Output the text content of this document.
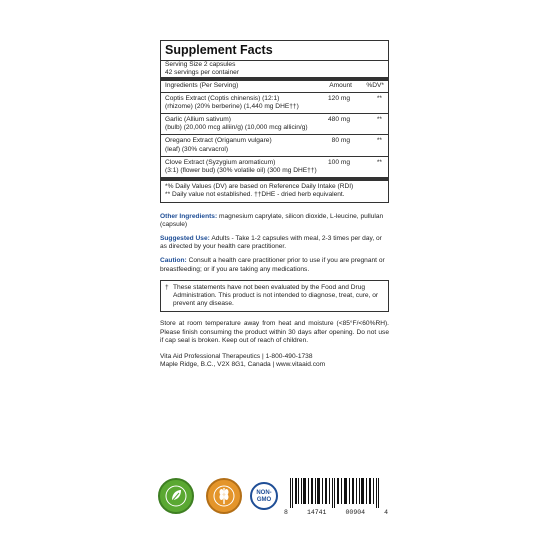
Supplement Facts
Serving Size 2 capsules
42 servings per container
Ingredients (Per Serving)	Amount	%DV*
Coptis Extract (Coptis chinensis) (12:1)
(rhizome) (20% berberine) (1,440 mg DHE††)
120 mg	**
Garlic (Allium sativum)
(bulb) (20,000 mcg alliin/g) (10,000 mcg allicin/g)
480 mg	**
Oregano Extract (Origanum vulgare)
(leaf) (30% carvacrol)
80 mg	**
Clove Extract (Syzygium aromaticum)
(3:1) (flower bud) (30% volatile oil) (300 mg DHE††)
100 mg	**
*% Daily Values (DV) are based on Reference Daily Intake (RDI)
** Daily value not established. ††DHE - dried herb equivalent.
Other Ingredients: magnesium caprylate, silicon dioxide, L-leucine, pullulan (capsule)
Suggested Use: Adults - Take 1-2 capsules with meal, 2-3 times per day, or as directed by your health care practitioner.
Caution: Consult a health care practitioner prior to use if you are pregnant or breastfeeding; or if you are taking any medications.
† These statements have not been evaluated by the Food and Drug Administration. This product is not intended to diagnose, treat, cure, or prevent any disease.
Store at room temperature away from heat and moisture (<85°F/<60%RH). Please finish consuming the product within 30 days after opening. Do not use if cap seal is broken. Keep out of reach of children.
Vita Aid Professional Therapeutics | 1-800-490-1738
Maple Ridge, B.C., V2X 8G1, Canada | www.vitaaid.com
NON-
GMO
8	14741	00904	4
